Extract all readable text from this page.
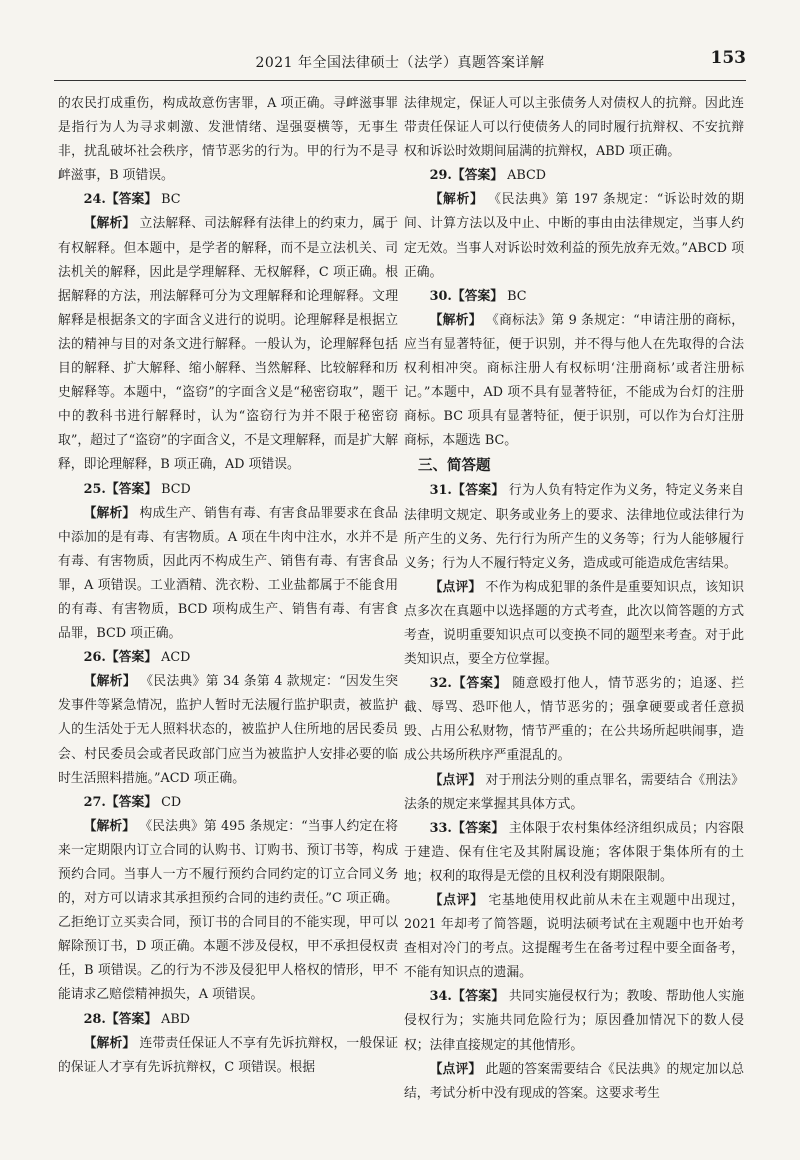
2021 年全国法律硕士（法学）真题答案详解	153

的农民打成重伤，构成故意伤害罪，A 项正确。寻衅滋事罪是指行为人为寻求刺激、发泄情绪、逞强耍横等，无事生非，扰乱破坏社会秩序，情节恶劣的行为。甲的行为不是寻衅滋事，B 项错误。

24.【答案】 BC

【解析】 立法解释、司法解释有法律上的约束力，属于有权解释。但本题中，是学者的解释，而不是立法机关、司法机关的解释，因此是学理解释、无权解释，C 项正确。根据解释的方法，刑法解释可分为文理解释和论理解释。文理解释是根据条文的字面含义进行的说明。论理解释是根据立法的精神与目的对条文进行解释。一般认为，论理解释包括目的解释、扩大解释、缩小解释、当然解释、比较解释和历史解释等。本题中，“盗窃”的字面含义是“秘密窃取”，题干中的教科书进行解释时，认为“盗窃行为并不限于秘密窃取”，超过了“盗窃”的字面含义，不是文理解释，而是扩大解释，即论理解释，B 项正确，AD 项错误。

25.【答案】 BCD

【解析】 构成生产、销售有毒、有害食品罪要求在食品中添加的是有毒、有害物质。A 项在牛肉中注水，水并不是有毒、有害物质，因此丙不构成生产、销售有毒、有害食品罪，A 项错误。工业酒精、洗衣粉、工业盐都属于不能食用的有毒、有害物质，BCD 项构成生产、销售有毒、有害食品罪，BCD 项正确。

26.【答案】 ACD

【解析】 《民法典》第 34 条第 4 款规定：“因发生突发事件等紧急情况，监护人暂时无法履行监护职责，被监护人的生活处于无人照料状态的，被监护人住所地的居民委员会、村民委员会或者民政部门应当为被监护人安排必要的临时生活照料措施。”ACD 项正确。

27.【答案】 CD

【解析】 《民法典》第 495 条规定：“当事人约定在将来一定期限内订立合同的认购书、订购书、预订书等，构成预约合同。当事人一方不履行预约合同约定的订立合同义务的，对方可以请求其承担预约合同的违约责任。”C 项正确。乙拒绝订立买卖合同，预订书的合同目的不能实现，甲可以解除预订书，D 项正确。本题不涉及侵权，甲不承担侵权责任，B 项错误。乙的行为不涉及侵犯甲人格权的情形，甲不能请求乙赔偿精神损失，A 项错误。

28.【答案】 ABD

【解析】 连带责任保证人不享有先诉抗辩权，一般保证的保证人才享有先诉抗辩权，C 项错误。根据

法律规定，保证人可以主张债务人对债权人的抗辩。因此连带责任保证人可以行使债务人的同时履行抗辩权、不安抗辩权和诉讼时效期间届满的抗辩权，ABD 项正确。

29.【答案】 ABCD

【解析】 《民法典》第 197 条规定：“诉讼时效的期间、计算方法以及中止、中断的事由由法律规定，当事人约定无效。当事人对诉讼时效利益的预先放弃无效。”ABCD 项正确。

30.【答案】 BC

【解析】 《商标法》第 9 条规定：“申请注册的商标，应当有显著特征，便于识别，并不得与他人在先取得的合法权利相冲突。商标注册人有权标明‘注册商标’或者注册标记。”本题中，AD 项不具有显著特征，不能成为台灯的注册商标。BC 项具有显著特征，便于识别，可以作为台灯注册商标，本题选 BC。

三、简答题

31.【答案】 行为人负有特定作为义务，特定义务来自法律明文规定、职务或业务上的要求、法律地位或法律行为所产生的义务、先行行为所产生的义务等；行为人能够履行义务；行为人不履行特定义务，造成或可能造成危害结果。

【点评】 不作为构成犯罪的条件是重要知识点，该知识点多次在真题中以选择题的方式考查，此次以简答题的方式考查，说明重要知识点可以变换不同的题型来考查。对于此类知识点，要全方位掌握。

32.【答案】 随意殴打他人，情节恶劣的；追逐、拦截、辱骂、恐吓他人，情节恶劣的；强拿硬要或者任意损毁、占用公私财物，情节严重的；在公共场所起哄闹事，造成公共场所秩序严重混乱的。

【点评】 对于刑法分则的重点罪名，需要结合《刑法》法条的规定来掌握其具体方式。

33.【答案】 主体限于农村集体经济组织成员；内容限于建造、保有住宅及其附属设施；客体限于集体所有的土地；权利的取得是无偿的且权利没有期限限制。

【点评】 宅基地使用权此前从未在主观题中出现过，2021 年却考了简答题，说明法硕考试在主观题中也开始考查相对冷门的考点。这提醒考生在备考过程中要全面备考，不能有知识点的遗漏。

34.【答案】 共同实施侵权行为；教唆、帮助他人实施侵权行为；实施共同危险行为；原因叠加情况下的数人侵权；法律直接规定的其他情形。

【点评】 此题的答案需要结合《民法典》的规定加以总结，考试分析中没有现成的答案。这要求考生
